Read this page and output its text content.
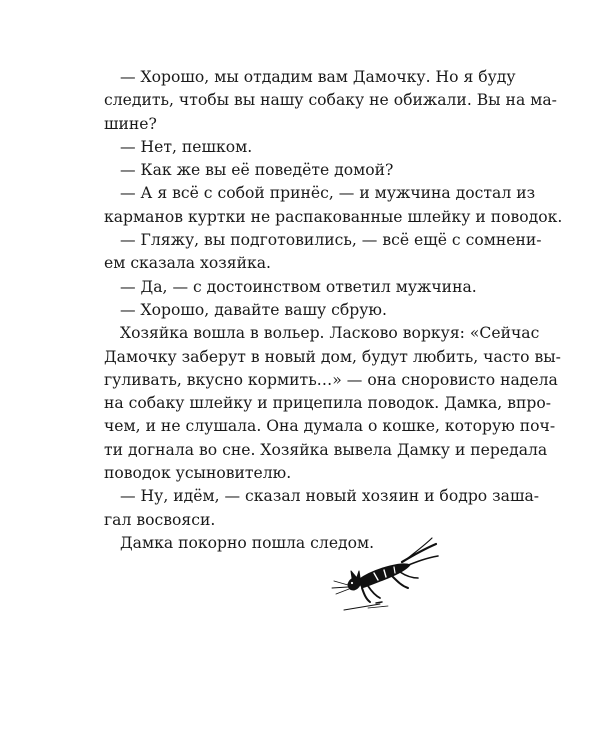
— Хорошо, мы отдадим вам Дамочку. Но я буду
следить, чтобы вы нашу собаку не обижали. Вы на ма-
шине?
— Нет, пешком.
— Как же вы её поведёте домой?
— А я всё с собой принёс, — и мужчина достал из
карманов куртки не распакованные шлейку и поводок.
— Гляжу, вы подготовились, — всё ещё с сомнени-
ем сказала хозяйка.
— Да, — с достоинством ответил мужчина.
— Хорошо, давайте вашу сбрую.
Хозяйка вошла в вольер. Ласково воркуя: «Сейчас
Дамочку заберут в новый дом, будут любить, часто вы-
гуливать, вкусно кормить…» — она сноровисто надела
на собаку шлейку и прицепила поводок. Дамка, впро-
чем, и не слушала. Она думала о кошке, которую поч-
ти догнала во сне. Хозяйка вывела Дамку и передала
поводок усыновителю.
— Ну, идём, — сказал новый хозяин и бодро заша-
гал восвояси.
Дамка покорно пошла следом.
